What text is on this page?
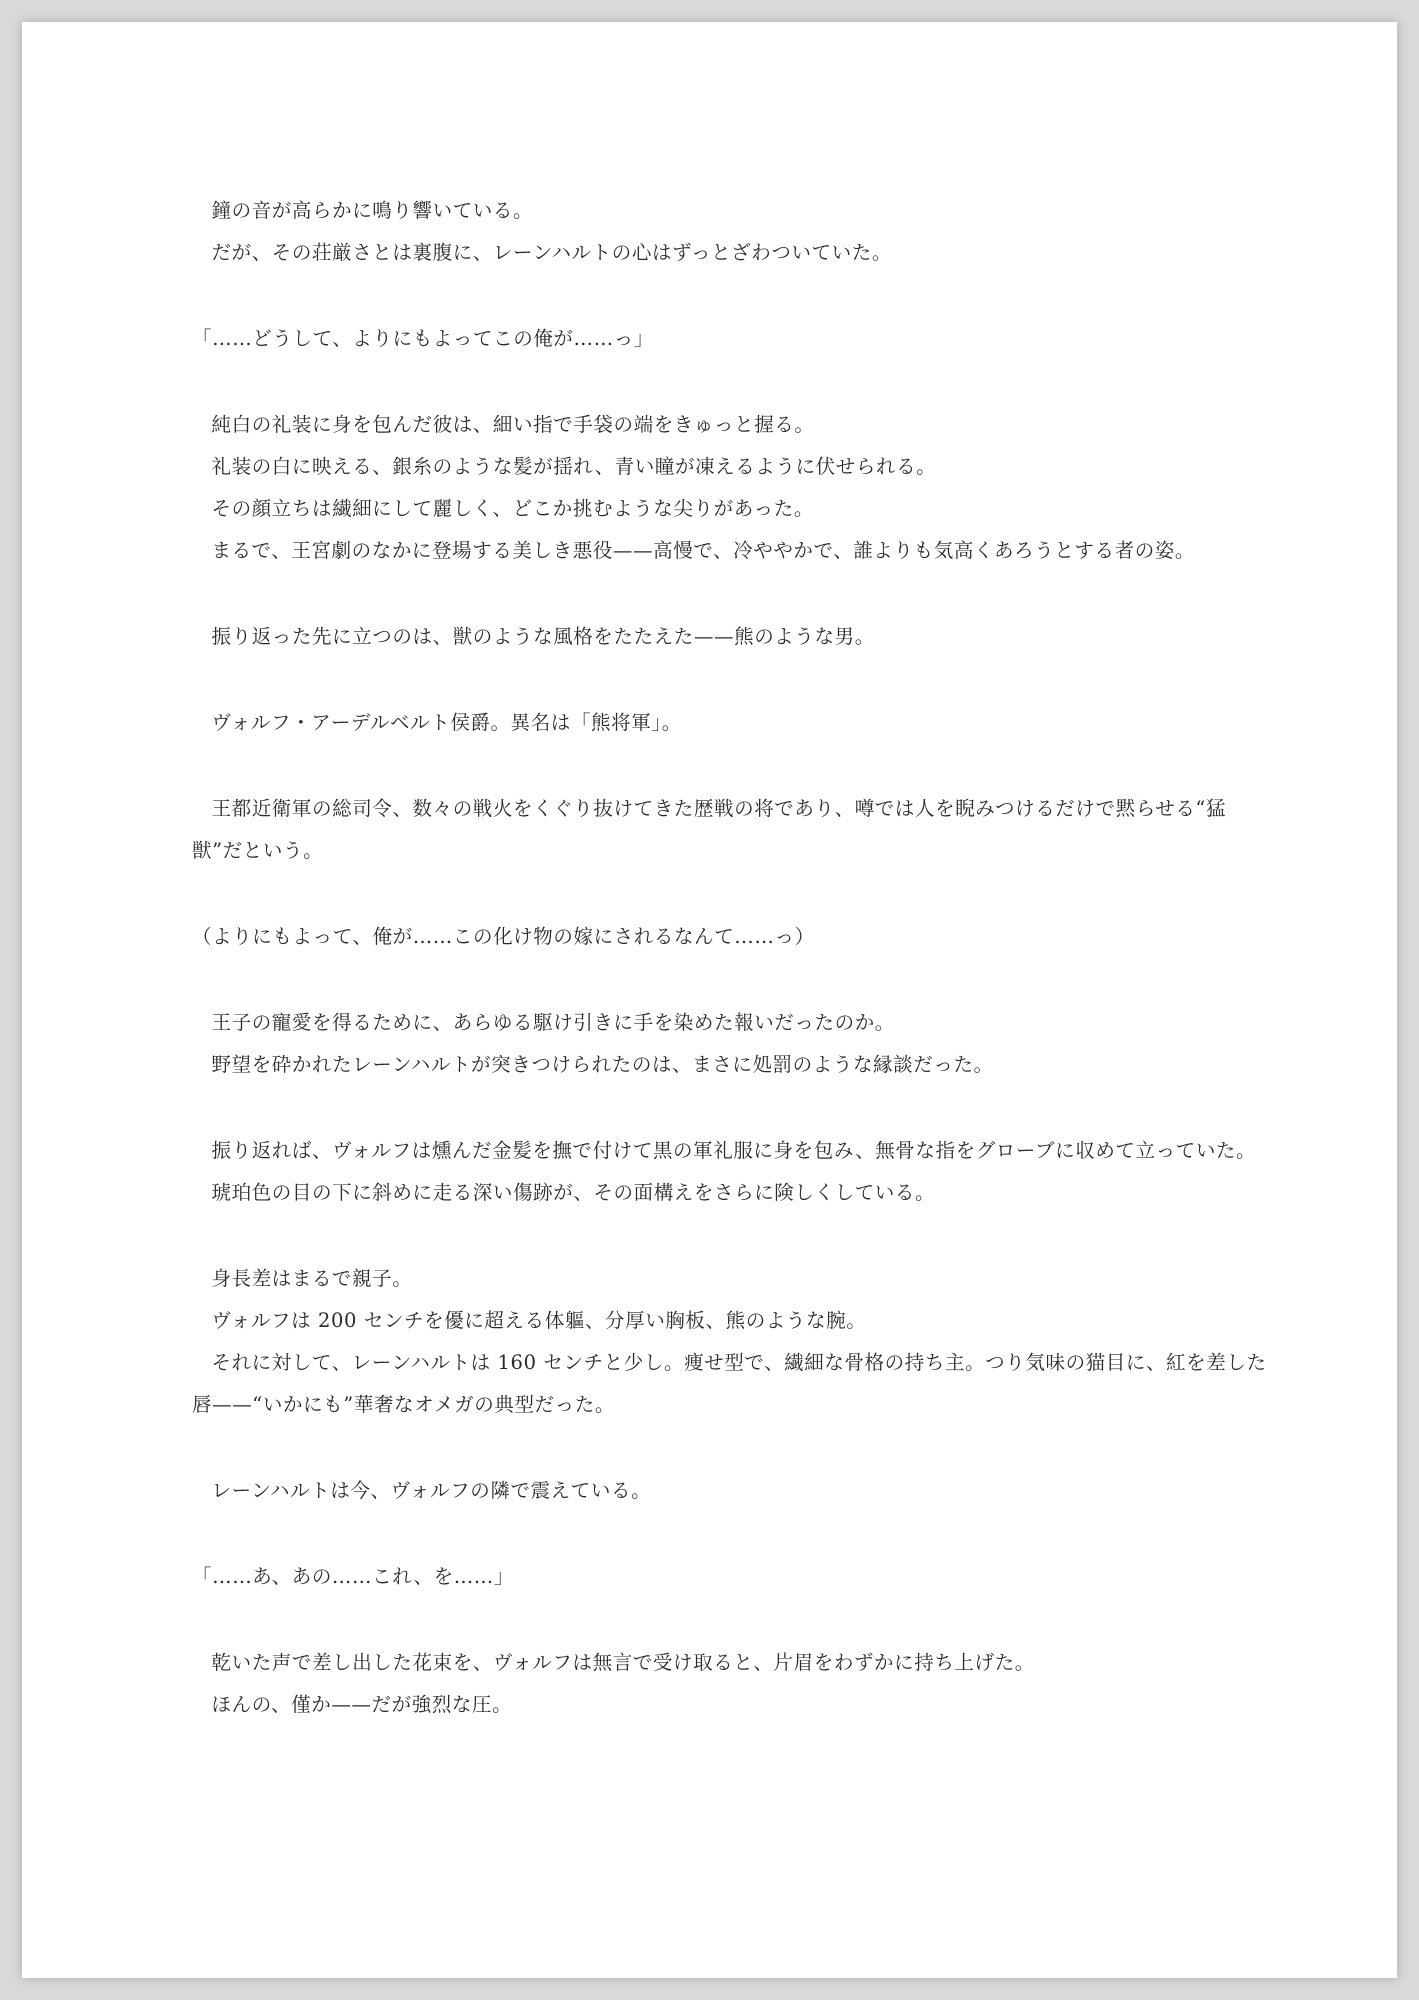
鐘の音が高らかに鳴り響いている。

だが、その荘厳さとは裏腹に、レーンハルトの心はずっとざわついていた。

「……どうして、よりにもよってこの俺が……っ」

純白の礼装に身を包んだ彼は、細い指で手袋の端をきゅっと握る。

礼装の白に映える、銀糸のような髪が揺れ、青い瞳が凍えるように伏せられる。

その顔立ちは繊細にして麗しく、どこか挑むような尖りがあった。

まるで、王宮劇のなかに登場する美しき悪役——高慢で、冷ややかで、誰よりも気高くあろうとする者の姿。

振り返った先に立つのは、獣のような風格をたたえた——熊のような男。

ヴォルフ・アーデルベルト侯爵。異名は「熊将軍」。

王都近衛軍の総司令、数々の戦火をくぐり抜けてきた歴戦の将であり、噂では人を睨みつけるだけで黙らせる“猛獣”だという。

（よりにもよって、俺が……この化け物の嫁にされるなんて……っ）

王子の寵愛を得るために、あらゆる駆け引きに手を染めた報いだったのか。

野望を砕かれたレーンハルトが突きつけられたのは、まさに処罰のような縁談だった。

振り返れば、ヴォルフは燻んだ金髪を撫で付けて黒の軍礼服に身を包み、無骨な指をグローブに収めて立っていた。

琥珀色の目の下に斜めに走る深い傷跡が、その面構えをさらに険しくしている。

身長差はまるで親子。

ヴォルフは 200 センチを優に超える体軀、分厚い胸板、熊のような腕。

それに対して、レーンハルトは 160 センチと少し。痩せ型で、繊細な骨格の持ち主。つり気味の猫目に、紅を差した唇——“いかにも”華奢なオメガの典型だった。

レーンハルトは今、ヴォルフの隣で震えている。

「……あ、あの……これ、を……」

乾いた声で差し出した花束を、ヴォルフは無言で受け取ると、片眉をわずかに持ち上げた。

ほんの、僅か——だが強烈な圧。
